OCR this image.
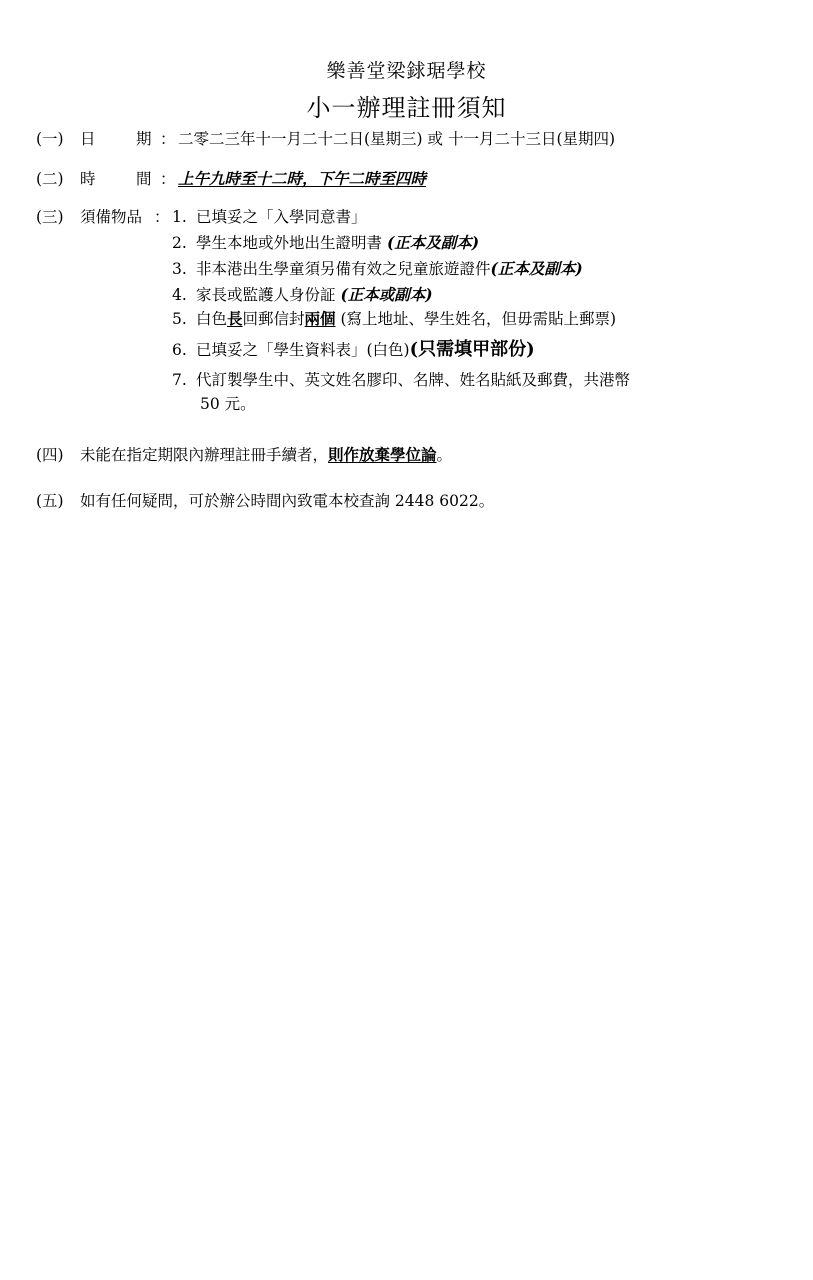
樂善堂梁銶琚學校
小一辦理註冊須知
(一) 日	期 ： 二零二三年十一月二十二日(星期三) 或 十一月二十三日(星期四)
(二) 時	間 ： 上午九時至十二時，下午二時至四時
(三) 須備物品 ： 1. 已填妥之「入學同意書」
2. 學生本地或外地出生證明書 (正本及副本)
3. 非本港出生學童須另備有效之兒童旅遊證件(正本及副本)
4. 家長或監護人身份証 (正本或副本)
5. 白色長回郵信封兩個 (寫上地址、學生姓名，但毋需貼上郵票)
6. 已填妥之「學生資料表」(白色)(只需填甲部份)
7. 代訂製學生中、英文姓名膠印、名牌、姓名貼紙及郵費，共港幣
50 元。
(四) 未能在指定期限內辦理註冊手續者，則作放棄學位論。
(五) 如有任何疑問，可於辦公時間內致電本校查詢 2448 6022。
